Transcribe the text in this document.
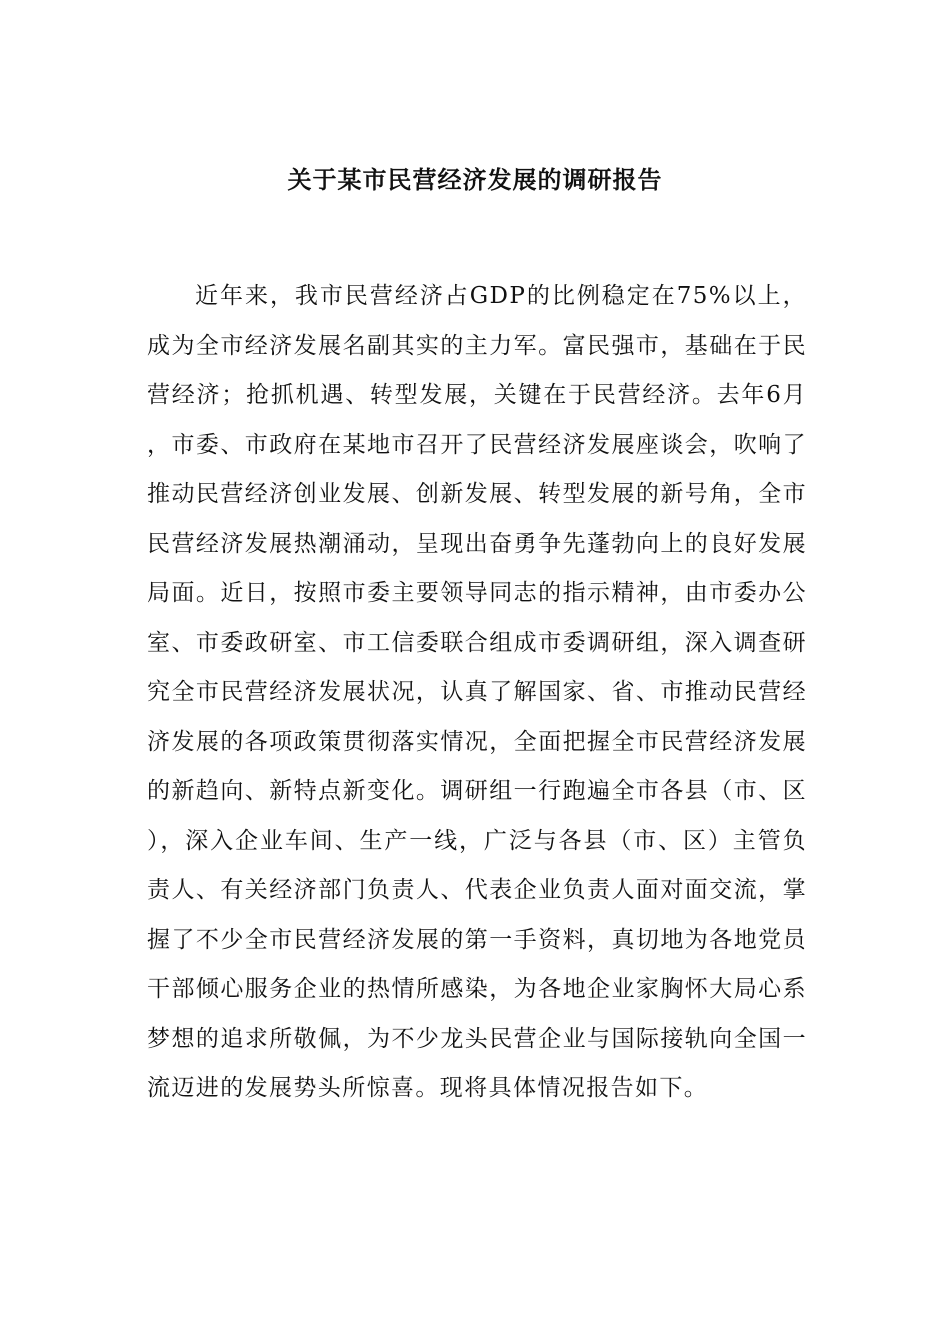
关于某市民营经济发展的调研报告

近年来，我市民营经济占GDP的比例稳定在75%以上，成为全市经济发展名副其实的主力军。富民强市，基础在于民营经济；抢抓机遇、转型发展，关键在于民营经济。去年6月，市委、市政府在某地市召开了民营经济发展座谈会，吹响了推动民营经济创业发展、创新发展、转型发展的新号角，全市民营经济发展热潮涌动，呈现出奋勇争先蓬勃向上的良好发展局面。近日，按照市委主要领导同志的指示精神，由市委办公室、市委政研室、市工信委联合组成市委调研组，深入调查研究全市民营经济发展状况，认真了解国家、省、市推动民营经济发展的各项政策贯彻落实情况，全面把握全市民营经济发展的新趋向、新特点新变化。调研组一行跑遍全市各县（市、区），深入企业车间、生产一线，广泛与各县（市、区）主管负责人、有关经济部门负责人、代表企业负责人面对面交流，掌握了不少全市民营经济发展的第一手资料，真切地为各地党员干部倾心服务企业的热情所感染，为各地企业家胸怀大局心系梦想的追求所敬佩，为不少龙头民营企业与国际接轨向全国一流迈进的发展势头所惊喜。现将具体情况报告如下。
